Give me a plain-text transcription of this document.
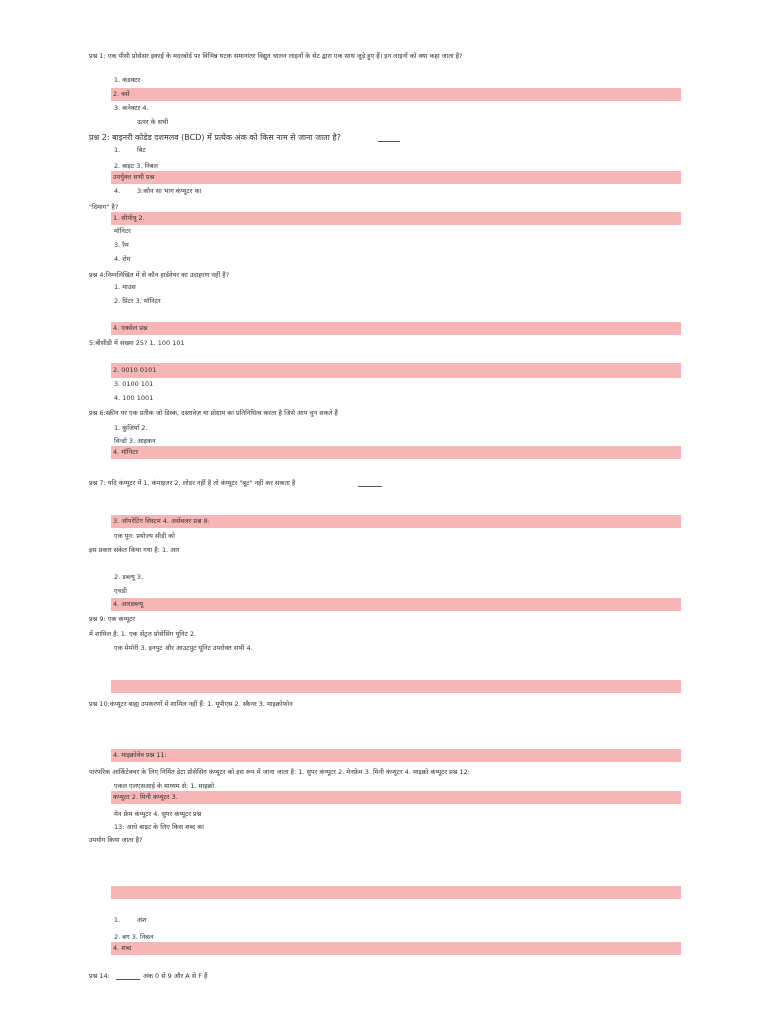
प्रश्न 1: एक पीसी प्रोसेसर इकाई के मदरबोर्ड पर विभिन्न घटक समानांतर विद्युत चालन लाइनों के सेट द्वारा एक साथ जुड़े हुए हैं। इन लाइनों को क्या कहा जाता है?
1. कंडक्टर
2. बसें
3. कनेक्टर 4.
ऊपर के सभी
प्रश्न 2: बाइनरी कोडेड दशमलव (BCD) में प्रत्येक अंक को किस नाम से जाना जाता है?
1.	बिट
2. बाइट 3. निबल
उपर्युक्त सभी प्रश्न
4.	3:कौन सा भाग कंप्यूटर का
"दिमाग" है?
1. सीपीयू 2.
मॉनिटर
3. रैम
4. रोम
प्रश्न 4:निम्नलिखित में से कौन हार्डवेयर का उदाहरण नहीं है?
1. माउस
2. प्रिंटर 3. मॉनिटर
4. एक्सेल प्रश्न
5:बीसीडी में संख्या 25? 1. 100 101
2. 0010 0101
3. 0100 101
4. 100 1001
प्रश्न 6:स्क्रीन पर एक प्रतीक जो डिस्क, दस्तावेज़ या प्रोग्राम का प्रतिनिधित्व करता है जिसे आप चुन सकते हैं
1. कुंजियाँ 2.
विन्डो 3. आइकन
4. मॉनिटर
प्रश्न 7: यदि कंप्यूटर में 1. कंपाइलर 2. लोडर नहीं है तो कंप्यूटर "बूट" नहीं कर सकता है
3. ऑपरेटिंग सिस्टम 4. असेंबलर प्रश्न 8:
एक पुन: प्रयोज्य सीडी को
इस प्रकार संकेत किया गया है: 1. आर
2. डब्ल्यू 3.
एचडी
4. आरडब्ल्यू
प्रश्न 9: एक कंप्यूटर
में शामिल है: 1. एक सेंट्रल प्रोसेसिंग यूनिट 2.
एक मेमोरी 3. इनपुट और आउटपुट यूनिट उपरोक्त सभी 4.
प्रश्न 10:कंप्यूटर बाह्य उपकरणों में शामिल नहीं हैं: 1. यूपीएस 2. स्कैनर 3. माइक्रोफोन
4. माइक्रोवेव प्रश्न 11:
पारंपरिक आर्किटेक्चर के लिए निर्मित डेटा प्रोसेसिंग कंप्यूटर को इस रूप में जाना जाता है: 1. सुपर कंप्यूटर 2. मेनफ्रेम 3. मिनी कंप्यूटर 4. माइक्रो कंप्यूटर प्रश्न 12:
एकल एलएसआई के माध्यम से: 1. माइक्रो
कंप्यूटर 2. मिनी कंप्यूटर 3.
मेन फ्रेम कंप्यूटर 4. सुपर कंप्यूटर प्रश्न
13: आधे बाइट के लिए किस शब्द का
उपयोग किया जाता है?
1.	अंश
2. बग 3. निबल
4. शब्द
प्रश्न 14:	अंक 0 से 9 और A से F हैं
